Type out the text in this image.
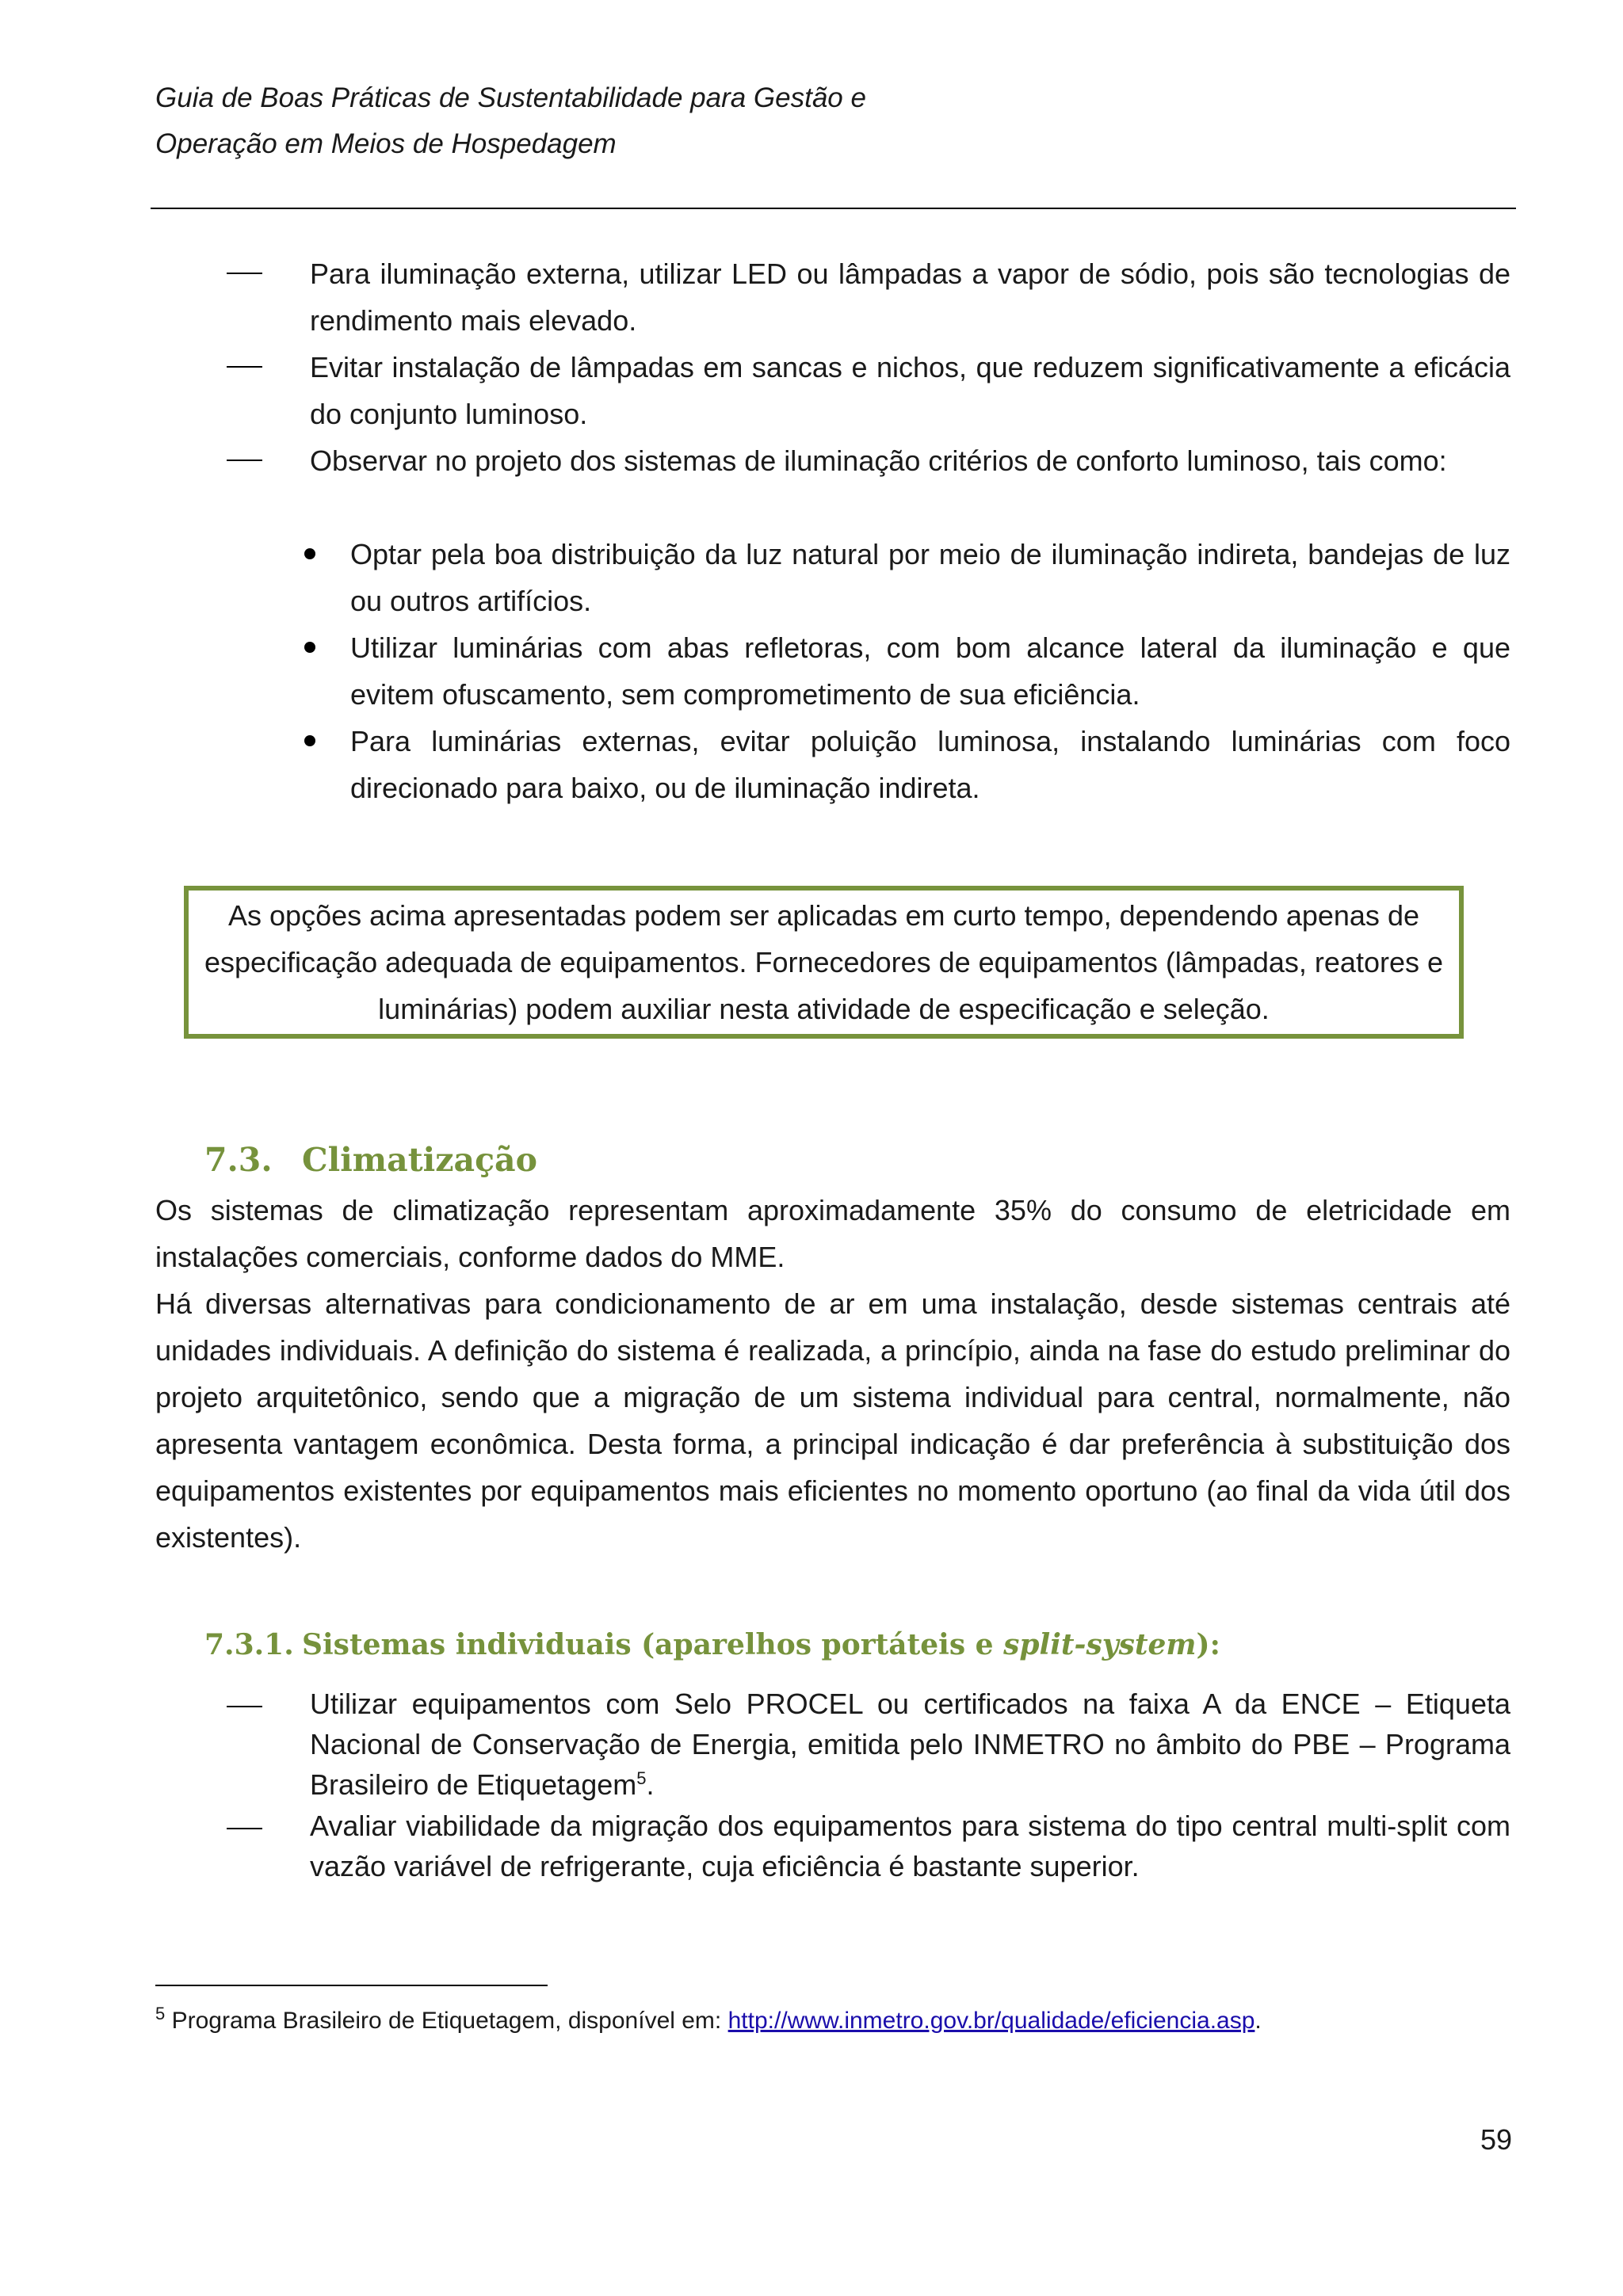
Guia de Boas Práticas de Sustentabilidade para Gestão e
Operação em Meios de Hospedagem
Para iluminação externa, utilizar LED ou lâmpadas a vapor de sódio, pois são tecnologias de rendimento mais elevado.
Evitar instalação de lâmpadas em sancas e nichos, que reduzem significativamente a eficácia do conjunto luminoso.
Observar no projeto dos sistemas de iluminação critérios de conforto luminoso, tais como:
Optar pela boa distribuição da luz natural por meio de iluminação indireta, bandejas de luz ou outros artifícios.
Utilizar luminárias com abas refletoras, com bom alcance lateral da iluminação e que evitem ofuscamento, sem comprometimento de sua eficiência.
Para luminárias externas, evitar poluição luminosa, instalando luminárias com foco direcionado para baixo, ou de iluminação indireta.
As opções acima apresentadas podem ser aplicadas em curto tempo, dependendo apenas de especificação adequada de equipamentos. Fornecedores de equipamentos (lâmpadas, reatores e luminárias) podem auxiliar nesta atividade de especificação e seleção.
7.3. Climatização
Os sistemas de climatização representam aproximadamente 35% do consumo de eletricidade em instalações comerciais, conforme dados do MME.
Há diversas alternativas para condicionamento de ar em uma instalação, desde sistemas centrais até unidades individuais. A definição do sistema é realizada, a princípio, ainda na fase do estudo preliminar do projeto arquitetônico, sendo que a migração de um sistema individual para central, normalmente, não apresenta vantagem econômica. Desta forma, a principal indicação é dar preferência à substituição dos equipamentos existentes por equipamentos mais eficientes no momento oportuno (ao final da vida útil dos existentes).
7.3.1. Sistemas individuais (aparelhos portáteis e split-system):
Utilizar equipamentos com Selo PROCEL ou certificados na faixa A da ENCE – Etiqueta Nacional de Conservação de Energia, emitida pelo INMETRO no âmbito do PBE – Programa Brasileiro de Etiquetagem$^5$.
Avaliar viabilidade da migração dos equipamentos para sistema do tipo central multi-split com vazão variável de refrigerante, cuja eficiência é bastante superior.
$^5$ Programa Brasileiro de Etiquetagem, disponível em: http://www.inmetro.gov.br/qualidade/eficiencia.asp.
59
